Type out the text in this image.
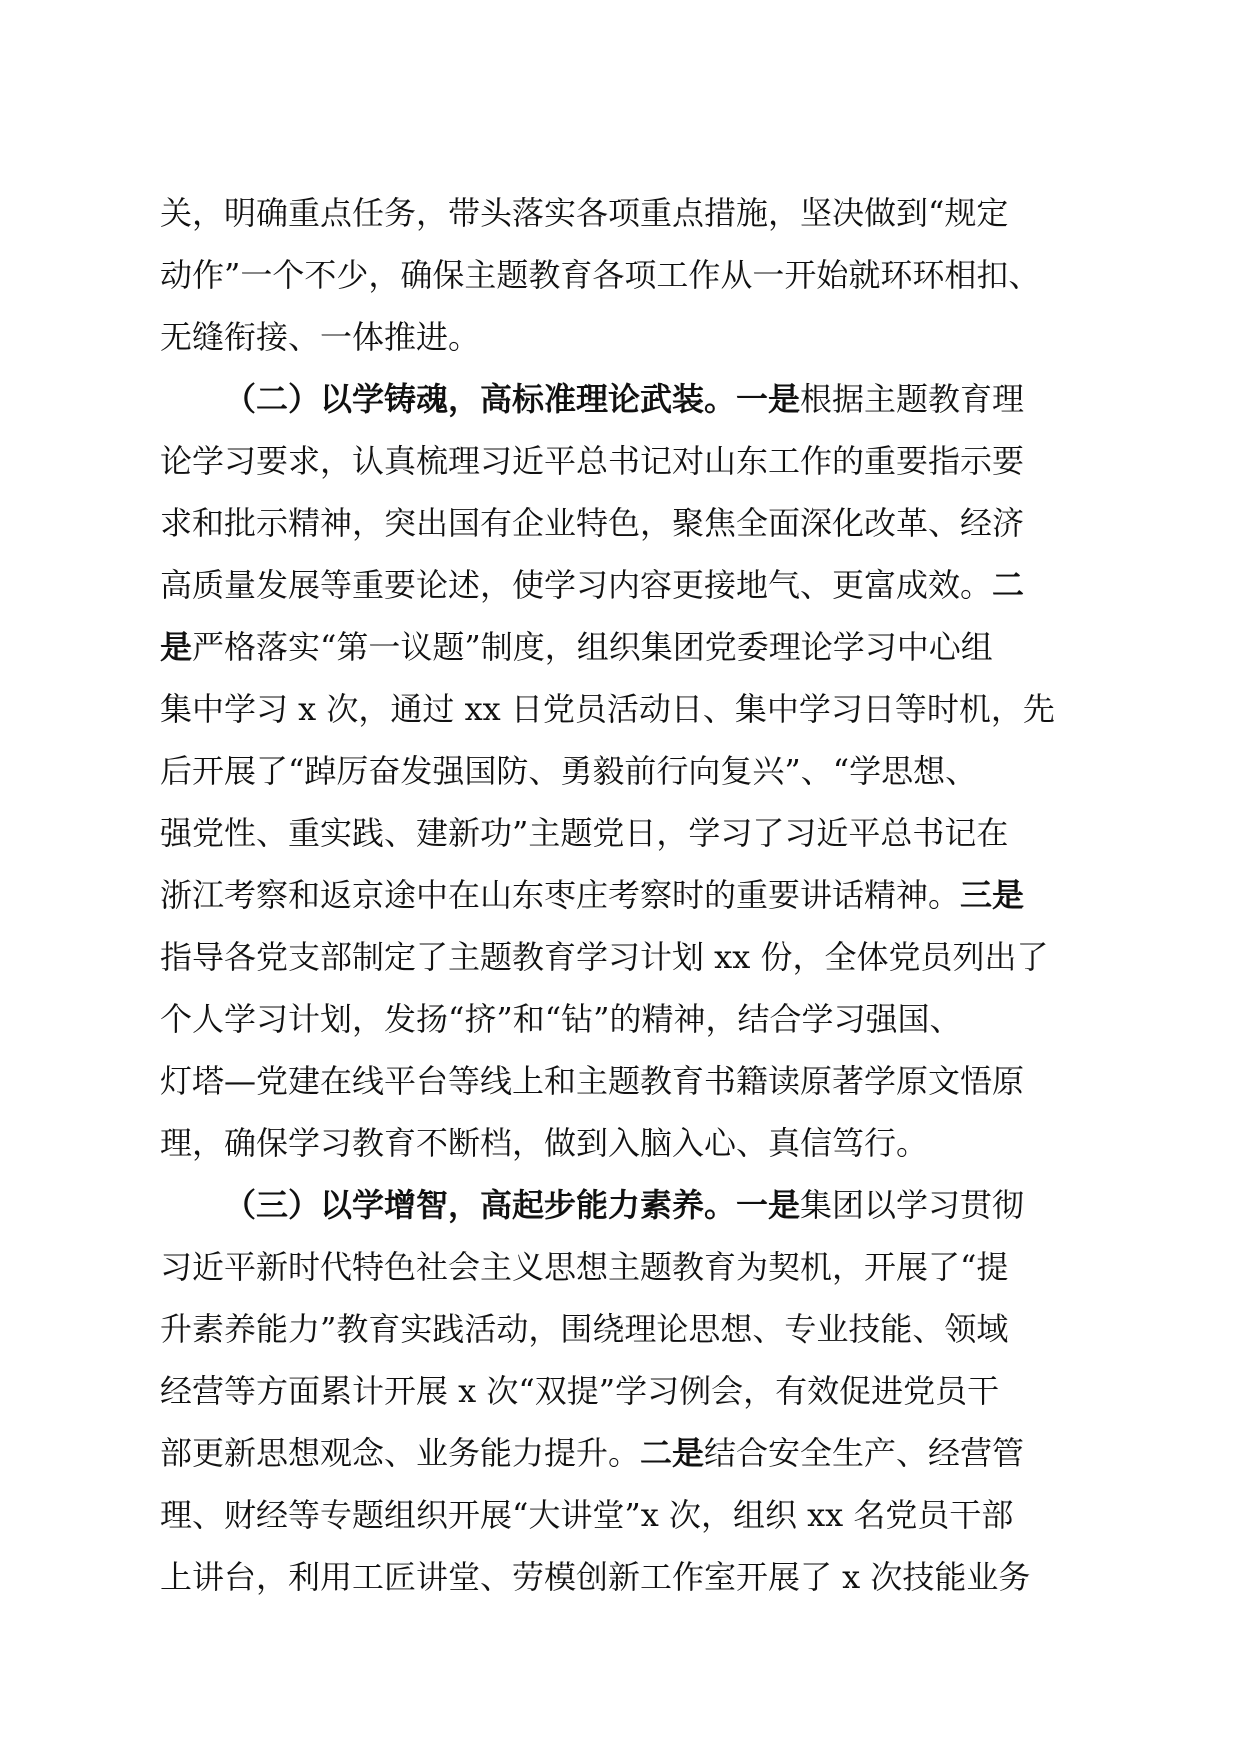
关，明确重点任务，带头落实各项重点措施，坚决做到“规定
动作”一个不少，确保主题教育各项工作从一开始就环环相扣、
无缝衔接、一体推进。
（二）以学铸魂，高标准理论武装。一是根据主题教育理
论学习要求，认真梳理习近平总书记对山东工作的重要指示要
求和批示精神，突出国有企业特色，聚焦全面深化改革、经济
高质量发展等重要论述，使学习内容更接地气、更富成效。二
是严格落实“第一议题”制度，组织集团党委理论学习中心组
集中学习 x 次，通过 xx 日党员活动日、集中学习日等时机，先
后开展了“踔厉奋发强国防、勇毅前行向复兴”、“学思想、
强党性、重实践、建新功”主题党日，学习了习近平总书记在
浙江考察和返京途中在山东枣庄考察时的重要讲话精神。三是
指导各党支部制定了主题教育学习计划 xx 份，全体党员列出了
个人学习计划，发扬“挤”和“钻”的精神，结合学习强国、
灯塔—党建在线平台等线上和主题教育书籍读原著学原文悟原
理，确保学习教育不断档，做到入脑入心、真信笃行。
（三）以学增智，高起步能力素养。一是集团以学习贯彻
习近平新时代特色社会主义思想主题教育为契机，开展了“提
升素养能力”教育实践活动，围绕理论思想、专业技能、领域
经营等方面累计开展 x 次“双提”学习例会，有效促进党员干
部更新思想观念、业务能力提升。二是结合安全生产、经营管
理、财经等专题组织开展“大讲堂”x 次，组织 xx 名党员干部
上讲台，利用工匠讲堂、劳模创新工作室开展了 x 次技能业务
